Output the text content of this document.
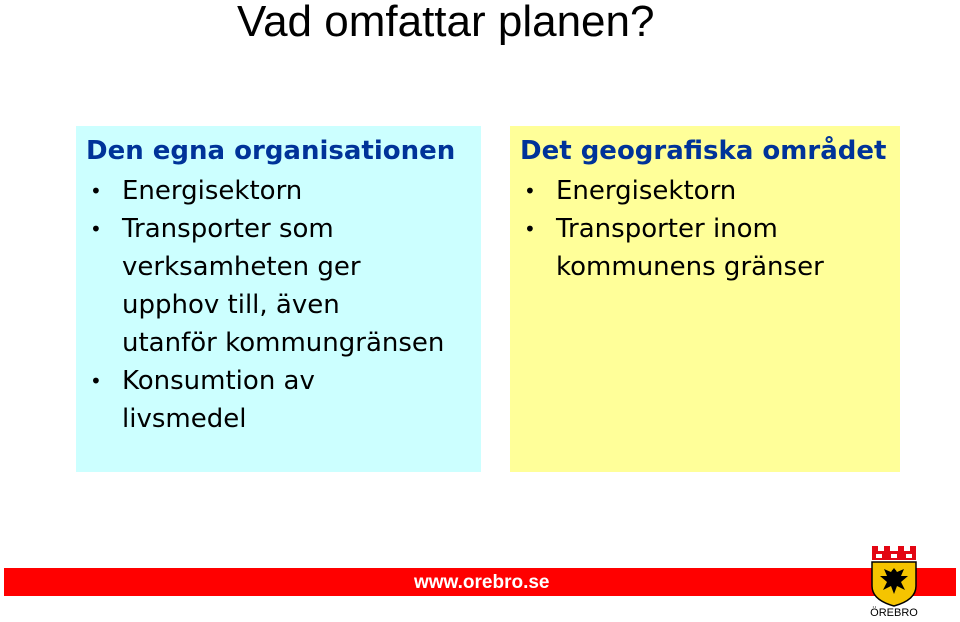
Vad omfattar planen?
Den egna organisationen
• Energisektorn
• Transporter som
verksamheten ger
upphov till, även
utanför kommungränsen
• Konsumtion av
livsmedel
Det geografiska området
• Energisektorn
• Transporter inom
kommunens gränser
www.orebro.se
ÖREBRO
